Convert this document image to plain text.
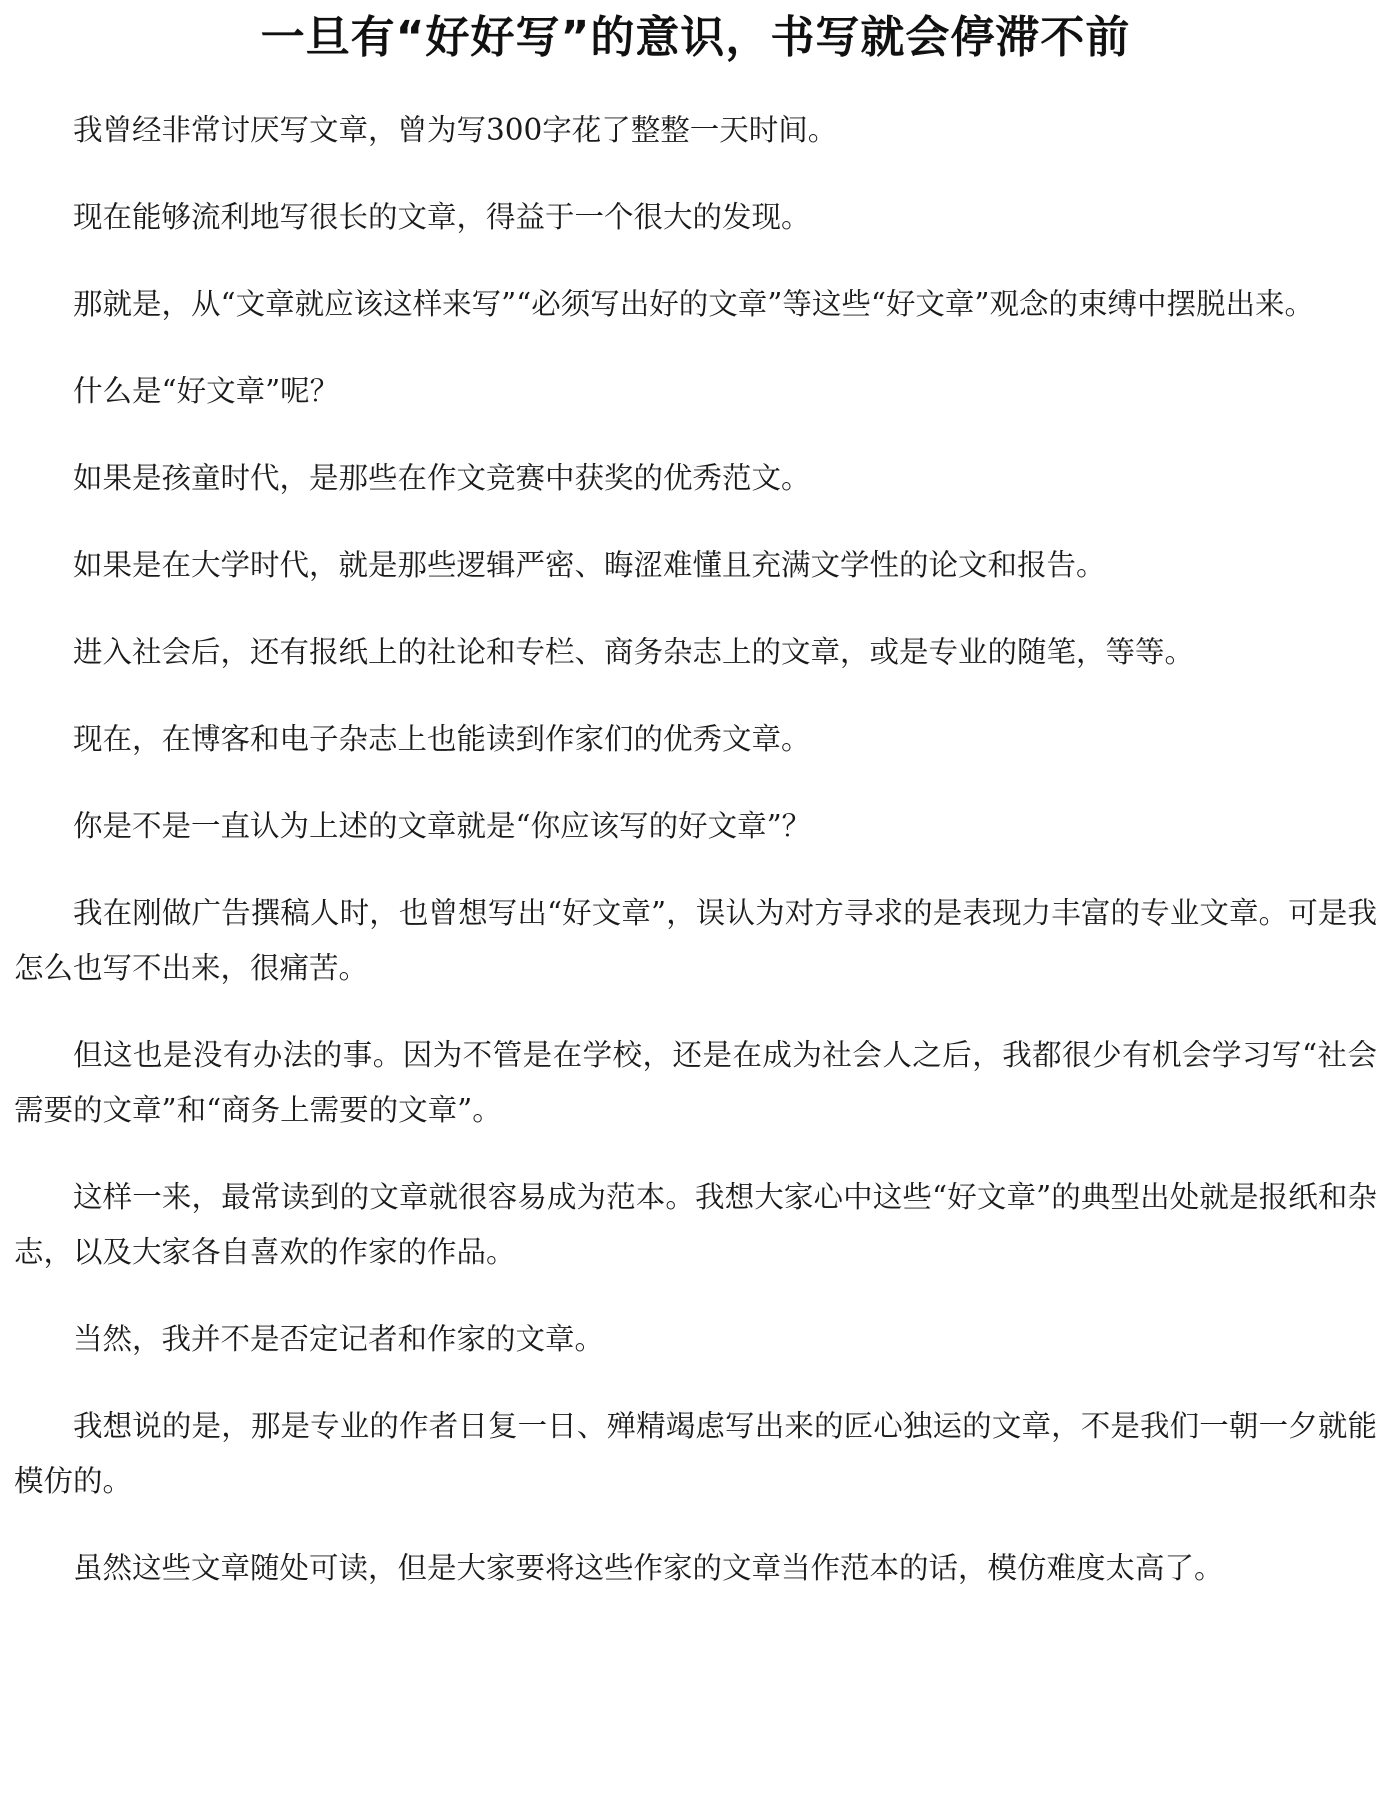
一旦有“好好写”的意识，书写就会停滞不前

我曾经非常讨厌写文章，曾为写300字花了整整一天时间。

现在能够流利地写很长的文章，得益于一个很大的发现。

那就是，从“文章就应该这样来写”“必须写出好的文章”等这些“好文章”观念的束缚中摆脱出来。

什么是“好文章”呢？

如果是孩童时代，是那些在作文竞赛中获奖的优秀范文。

如果是在大学时代，就是那些逻辑严密、晦涩难懂且充满文学性的论文和报告。

进入社会后，还有报纸上的社论和专栏、商务杂志上的文章，或是专业的随笔，等等。

现在，在博客和电子杂志上也能读到作家们的优秀文章。

你是不是一直认为上述的文章就是“你应该写的好文章”？

我在刚做广告撰稿人时，也曾想写出“好文章”，误认为对方寻求的是表现力丰富的专业文章。可是我怎么也写不出来，很痛苦。

但这也是没有办法的事。因为不管是在学校，还是在成为社会人之后，我都很少有机会学习写“社会需要的文章”和“商务上需要的文章”。

这样一来，最常读到的文章就很容易成为范本。我想大家心中这些“好文章”的典型出处就是报纸和杂志，以及大家各自喜欢的作家的作品。

当然，我并不是否定记者和作家的文章。

我想说的是，那是专业的作者日复一日、殚精竭虑写出来的匠心独运的文章，不是我们一朝一夕就能模仿的。

虽然这些文章随处可读，但是大家要将这些作家的文章当作范本的话，模仿难度太高了。
